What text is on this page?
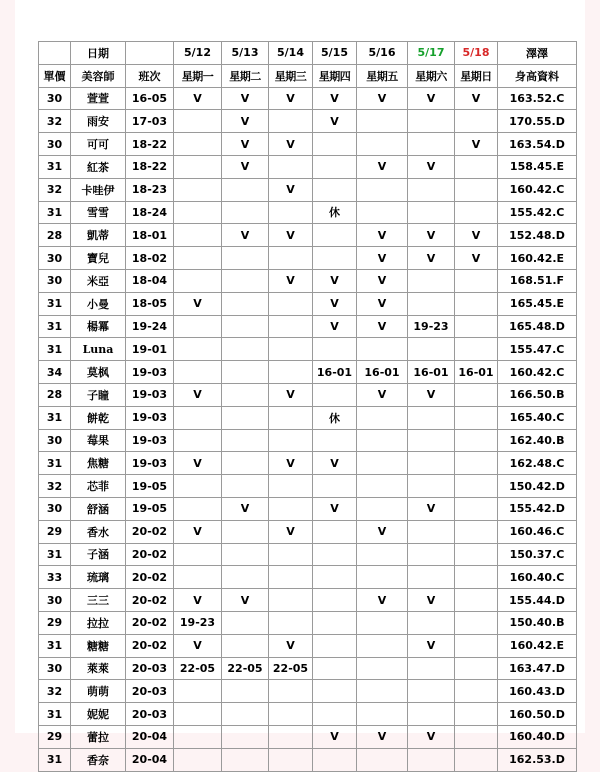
	日期		5/12	5/13	5/14	5/15	5/16	5/17	5/18	澤澤
單價	美容師	班次	星期一	星期二	星期三	星期四	星期五	星期六	星期日	身高資料
30	萱萱	16-05	V	V	V	V	V	V	V	163.52.C
32	雨安	17-03		V		V				170.55.D
30	可可	18-22		V	V				V	163.54.D
31	紅茶	18-22		V			V	V		158.45.E
32	卡哇伊	18-23			V					160.42.C
31	雪雪	18-24				休				155.42.C
28	凱蒂	18-01		V	V		V	V	V	152.48.D
30	寶兒	18-02					V	V	V	160.42.E
30	米亞	18-04			V	V	V			168.51.F
31	小曼	18-05	V			V	V			165.45.E
31	楊冪	19-24				V	V	19-23		165.48.D
31	Luna	19-01								155.47.C
34	莫枫	19-03				16-01	16-01	16-01	16-01	160.42.C
28	子瞳	19-03	V		V		V	V		166.50.B
31	餅乾	19-03				休				165.40.C
30	莓果	19-03								162.40.B
31	焦糖	19-03	V		V	V				162.48.C
32	芯菲	19-05								150.42.D
30	舒涵	19-05		V		V		V		155.42.D
29	香水	20-02	V		V		V			160.46.C
31	子涵	20-02								150.37.C
33	琉璃	20-02								160.40.C
30	三三	20-02	V	V			V	V		155.44.D
29	拉拉	20-02	19-23							150.40.B
31	糖糖	20-02	V		V			V		160.42.E
30	萊萊	20-03	22-05	22-05	22-05					163.47.D
32	萌萌	20-03								160.43.D
31	妮妮	20-03								160.50.D
29	蕾拉	20-04				V	V	V		160.40.D
31	香奈	20-04								162.53.D
